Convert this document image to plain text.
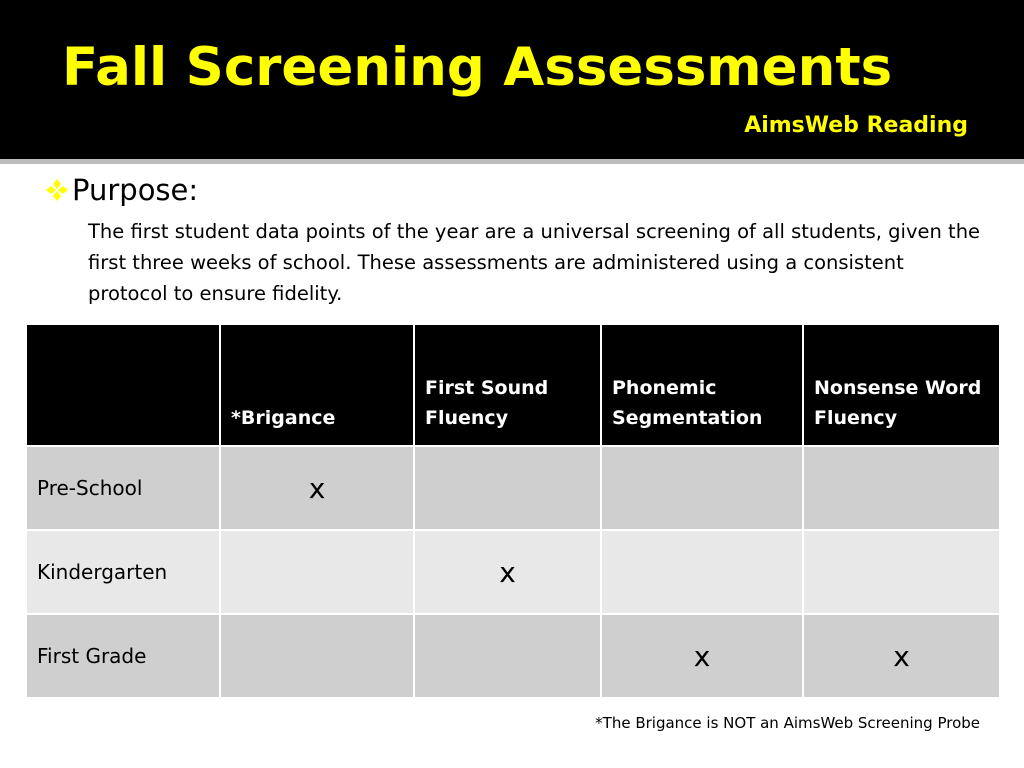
Fall Screening Assessments
AimsWeb Reading
Purpose:

The first student data points of the year are a universal screening of all students, given the first three weeks of school. These assessments are administered using a consistent protocol to ensure fidelity.

	*Brigance	First Sound Fluency	Phonemic Segmentation	Nonsense Word Fluency
Pre-School	x			
Kindergarten		x		
First Grade			x	x
*The Brigance is NOT an AimsWeb Screening Probe
